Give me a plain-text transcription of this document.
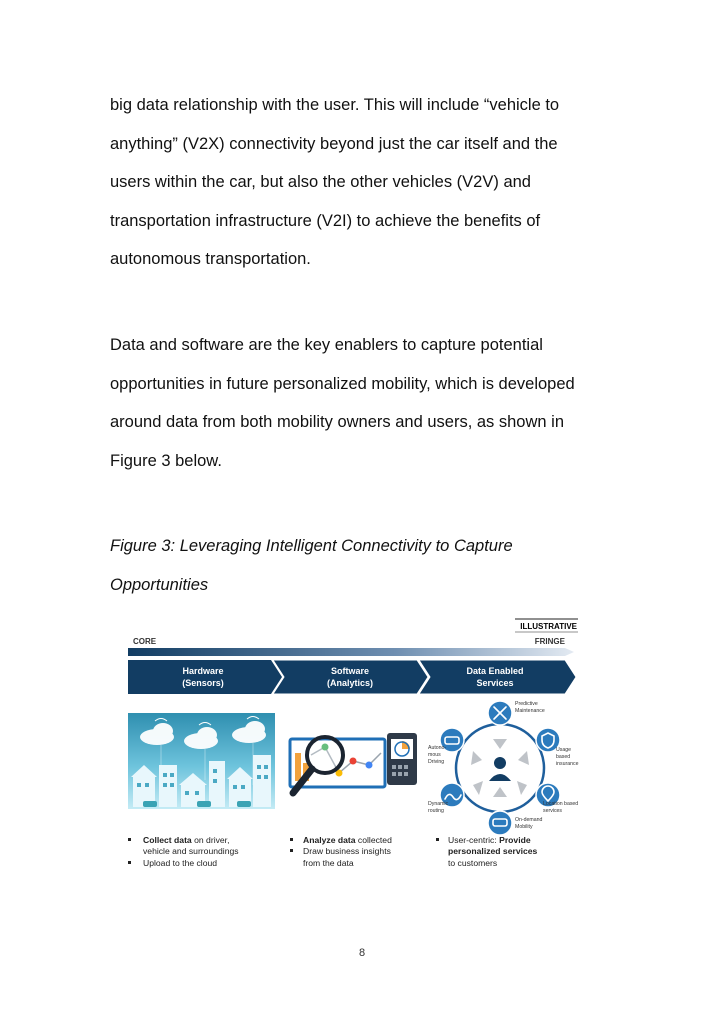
big data relationship with the user. This will include “vehicle to
anything” (V2X) connectivity beyond just the car itself and the
users within the car, but also the other vehicles (V2V) and
transportation infrastructure (V2I) to achieve the benefits of
autonomous transportation.
Data and software are the key enablers to capture potential
opportunities in future personalized mobility, which is developed
around data from both mobility owners and users, as shown in
Figure 3 below.
Figure 3: Leveraging Intelligent Connectivity to Capture
Opportunities
ILLUSTRATIVE
CORE	FRINGE
Hardware
(Sensors)
Software
(Analytics)
Data Enabled
Services
Predictive
Maintenance
Usage
based
insurance
Location based
services
On-demand
Mobility
Dynamic
routing
Autono-
mous
Driving
Collect data on driver,
vehicle and surroundings
Upload to the cloud
Analyze data collected
Draw business insights
from the data
User-centric: Provide
personalized services
to customers
8
